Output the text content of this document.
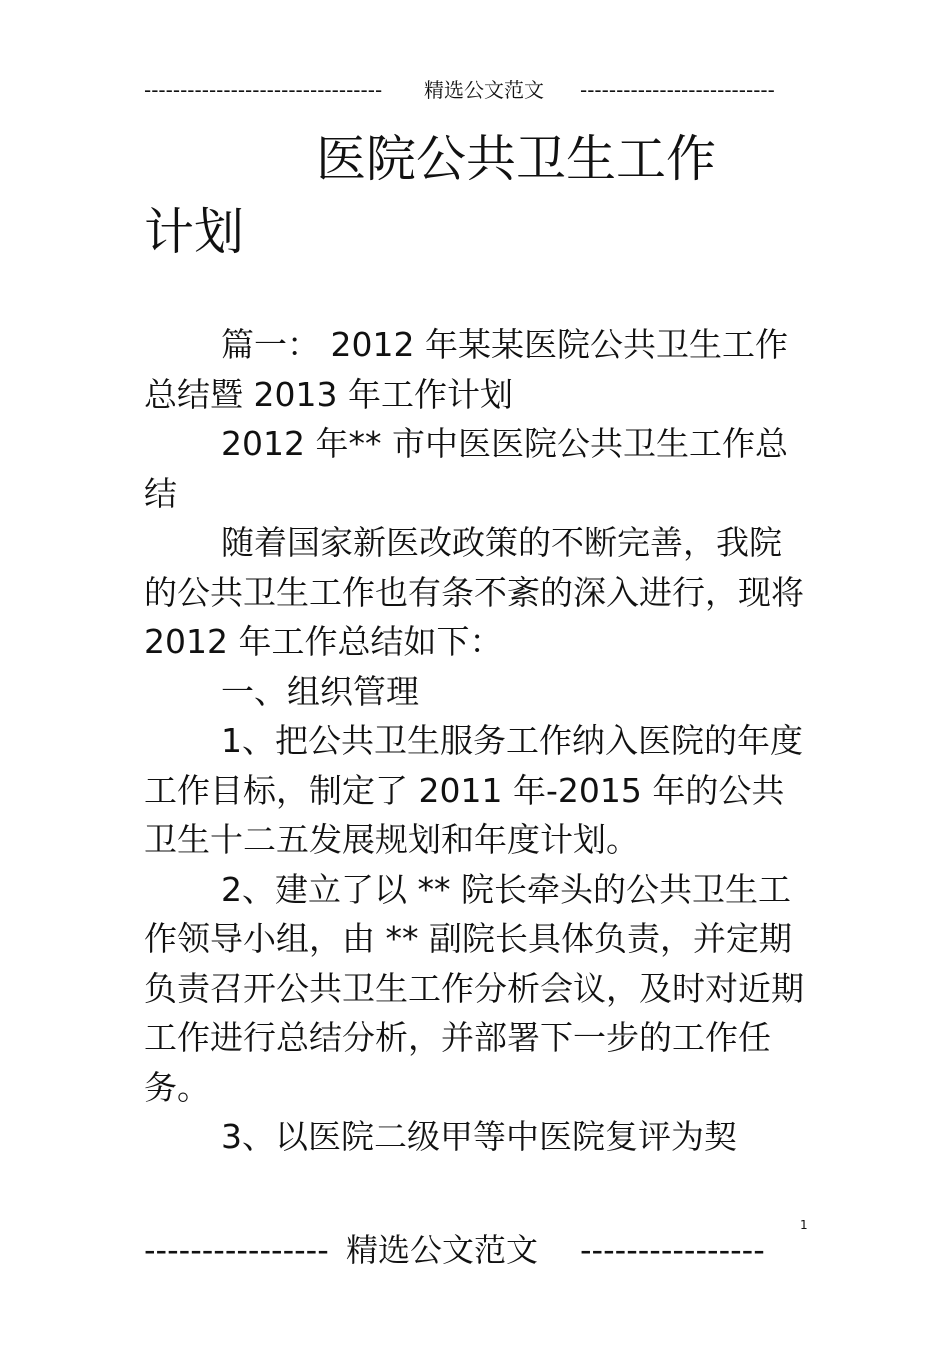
---------------------------------	精选公文范文 ---------------------------
医院公共卫生工作
计划

篇一： 2012 年某某医院公共卫生工作总结暨 2013 年工作计划

2012 年** 市中医医院公共卫生工作总结

随着国家新医改政策的不断完善，我院的公共卫生工作也有条不紊的深入进行，现将 2012 年工作总结如下：

一、组织管理

1、把公共卫生服务工作纳入医院的年度工作目标，制定了 2011 年-2015 年的公共卫生十二五发展规划和年度计划。

2、建立了以 ** 院长牵头的公共卫生工作领导小组，由 ** 副院长具体负责，并定期负责召开公共卫生工作分析会议，及时对近期工作进行总结分析，并部署下一步的工作任务。

3、以医院二级甲等中医院复评为契

1
---------------- 精选公文范文 ----------------
